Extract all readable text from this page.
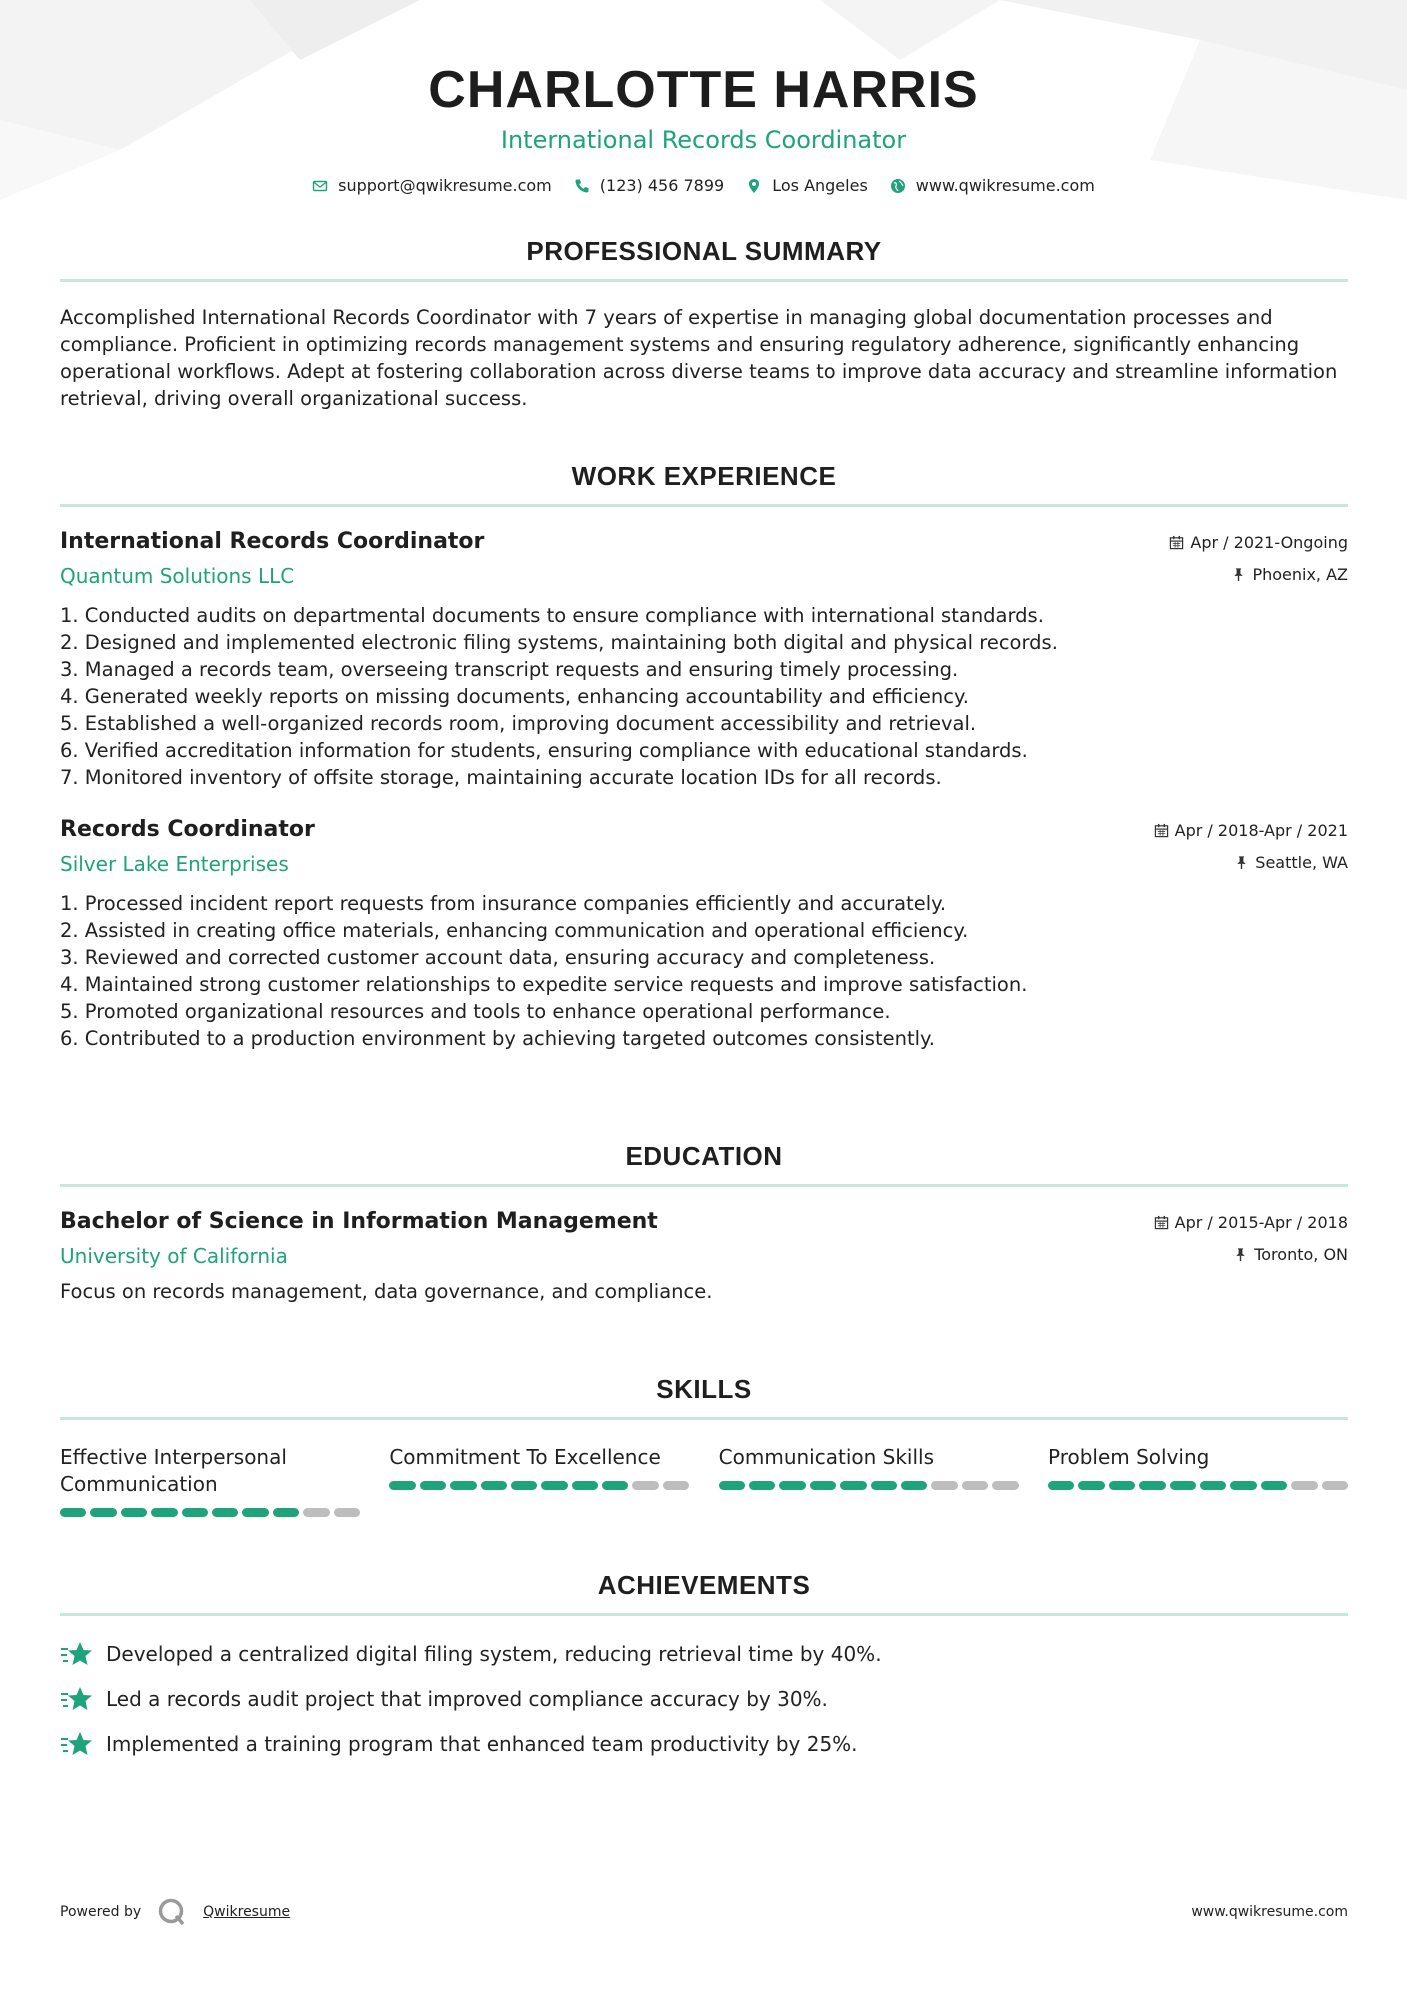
CHARLOTTE HARRIS
International Records Coordinator
support@qwikresume.com	(123) 456 7899	Los Angeles	www.qwikresume.com
PROFESSIONAL SUMMARY

Accomplished International Records Coordinator with 7 years of expertise in managing global documentation processes and compliance. Proficient in optimizing records management systems and ensuring regulatory adherence, significantly enhancing operational workflows. Adept at fostering collaboration across diverse teams to improve data accuracy and streamline information retrieval, driving overall organizational success.

WORK EXPERIENCE
International Records Coordinator
Quantum Solutions LLC
Apr / 2021-Ongoing
Phoenix, AZ
1. Conducted audits on departmental documents to ensure compliance with international standards.
2. Designed and implemented electronic filing systems, maintaining both digital and physical records.
3. Managed a records team, overseeing transcript requests and ensuring timely processing.
4. Generated weekly reports on missing documents, enhancing accountability and efficiency.
5. Established a well-organized records room, improving document accessibility and retrieval.
6. Verified accreditation information for students, ensuring compliance with educational standards.
7. Monitored inventory of offsite storage, maintaining accurate location IDs for all records.
Records Coordinator
Silver Lake Enterprises
Apr / 2018-Apr / 2021
Seattle, WA
1. Processed incident report requests from insurance companies efficiently and accurately.
2. Assisted in creating office materials, enhancing communication and operational efficiency.
3. Reviewed and corrected customer account data, ensuring accuracy and completeness.
4. Maintained strong customer relationships to expedite service requests and improve satisfaction.
5. Promoted organizational resources and tools to enhance operational performance.
6. Contributed to a production environment by achieving targeted outcomes consistently.
EDUCATION
Bachelor of Science in Information Management
University of California
Apr / 2015-Apr / 2018
Toronto, ON

Focus on records management, data governance, and compliance.

SKILLS
Effective Interpersonal Communication
Commitment To Excellence	Communication Skills	Problem Solving
ACHIEVEMENTS
Developed a centralized digital filing system, reducing retrieval time by 40%.
Led a records audit project that improved compliance accuracy by 30%.
Implemented a training program that enhanced team productivity by 25%.
Powered by	Qwikresume	www.qwikresume.com
